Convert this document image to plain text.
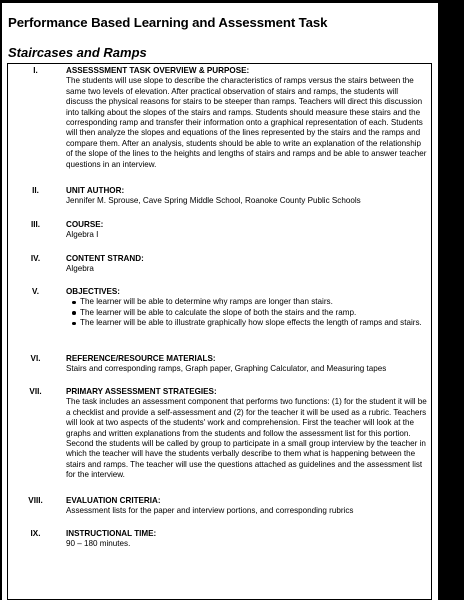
Performance Based Learning and Assessment Task
Staircases and Ramps
I.	ASSESSSMENT TASK OVERVIEW & PURPOSE:

The students will use slope to describe the characteristics of ramps versus the stairs between the same two levels of elevation. After practical observation of stairs and ramps, the students will discuss the physical reasons for stairs to be steeper than ramps. Teachers will direct this discussion into talking about the slopes of the stairs and ramps. Students should measure these stairs and the corresponding ramp and transfer their information onto a graphical representation of each. Students will then analyze the slopes and equations of the lines represented by the stairs and the ramps and compare them. After an analysis, students should be able to write an explanation of the relationship of the slope of the lines to the heights and lengths of stairs and ramps and be able to answer teacher questions in an interview.

II.	UNIT AUTHOR:

Jennifer M. Sprouse, Cave Spring Middle School, Roanoke County Public Schools

III.	COURSE:

Algebra I

IV.	CONTENT STRAND:

Algebra

V.	OBJECTIVES:
The learner will be able to determine why ramps are longer than stairs.
The learner will be able to calculate the slope of both the stairs and the ramp.
The learner will be able to illustrate graphically how slope effects the length of ramps and stairs.
VI.	REFERENCE/RESOURCE MATERIALS:

Stairs and corresponding ramps, Graph paper, Graphing Calculator, and Measuring tapes

VII.	PRIMARY ASSESSMENT STRATEGIES:

The task includes an assessment component that performs two functions: (1) for the student it will be a checklist and provide a self-assessment and (2) for the teacher it will be used as a rubric. Teachers will look at two aspects of the students' work and comprehension. First the teacher will look at the graphs and written explanations from the students and follow the assessment list for this portion. Second the students will be called by group to participate in a small group interview by the teacher in which the teacher will have the students verbally describe to them what is happening between the stairs and ramps. The teacher will use the questions attached as guidelines and the assessment list for the interview.

VIII.	EVALUATION CRITERIA:

Assessment lists for the paper and interview portions, and corresponding rubrics

IX.	INSTRUCTIONAL TIME:

90 – 180 minutes.
